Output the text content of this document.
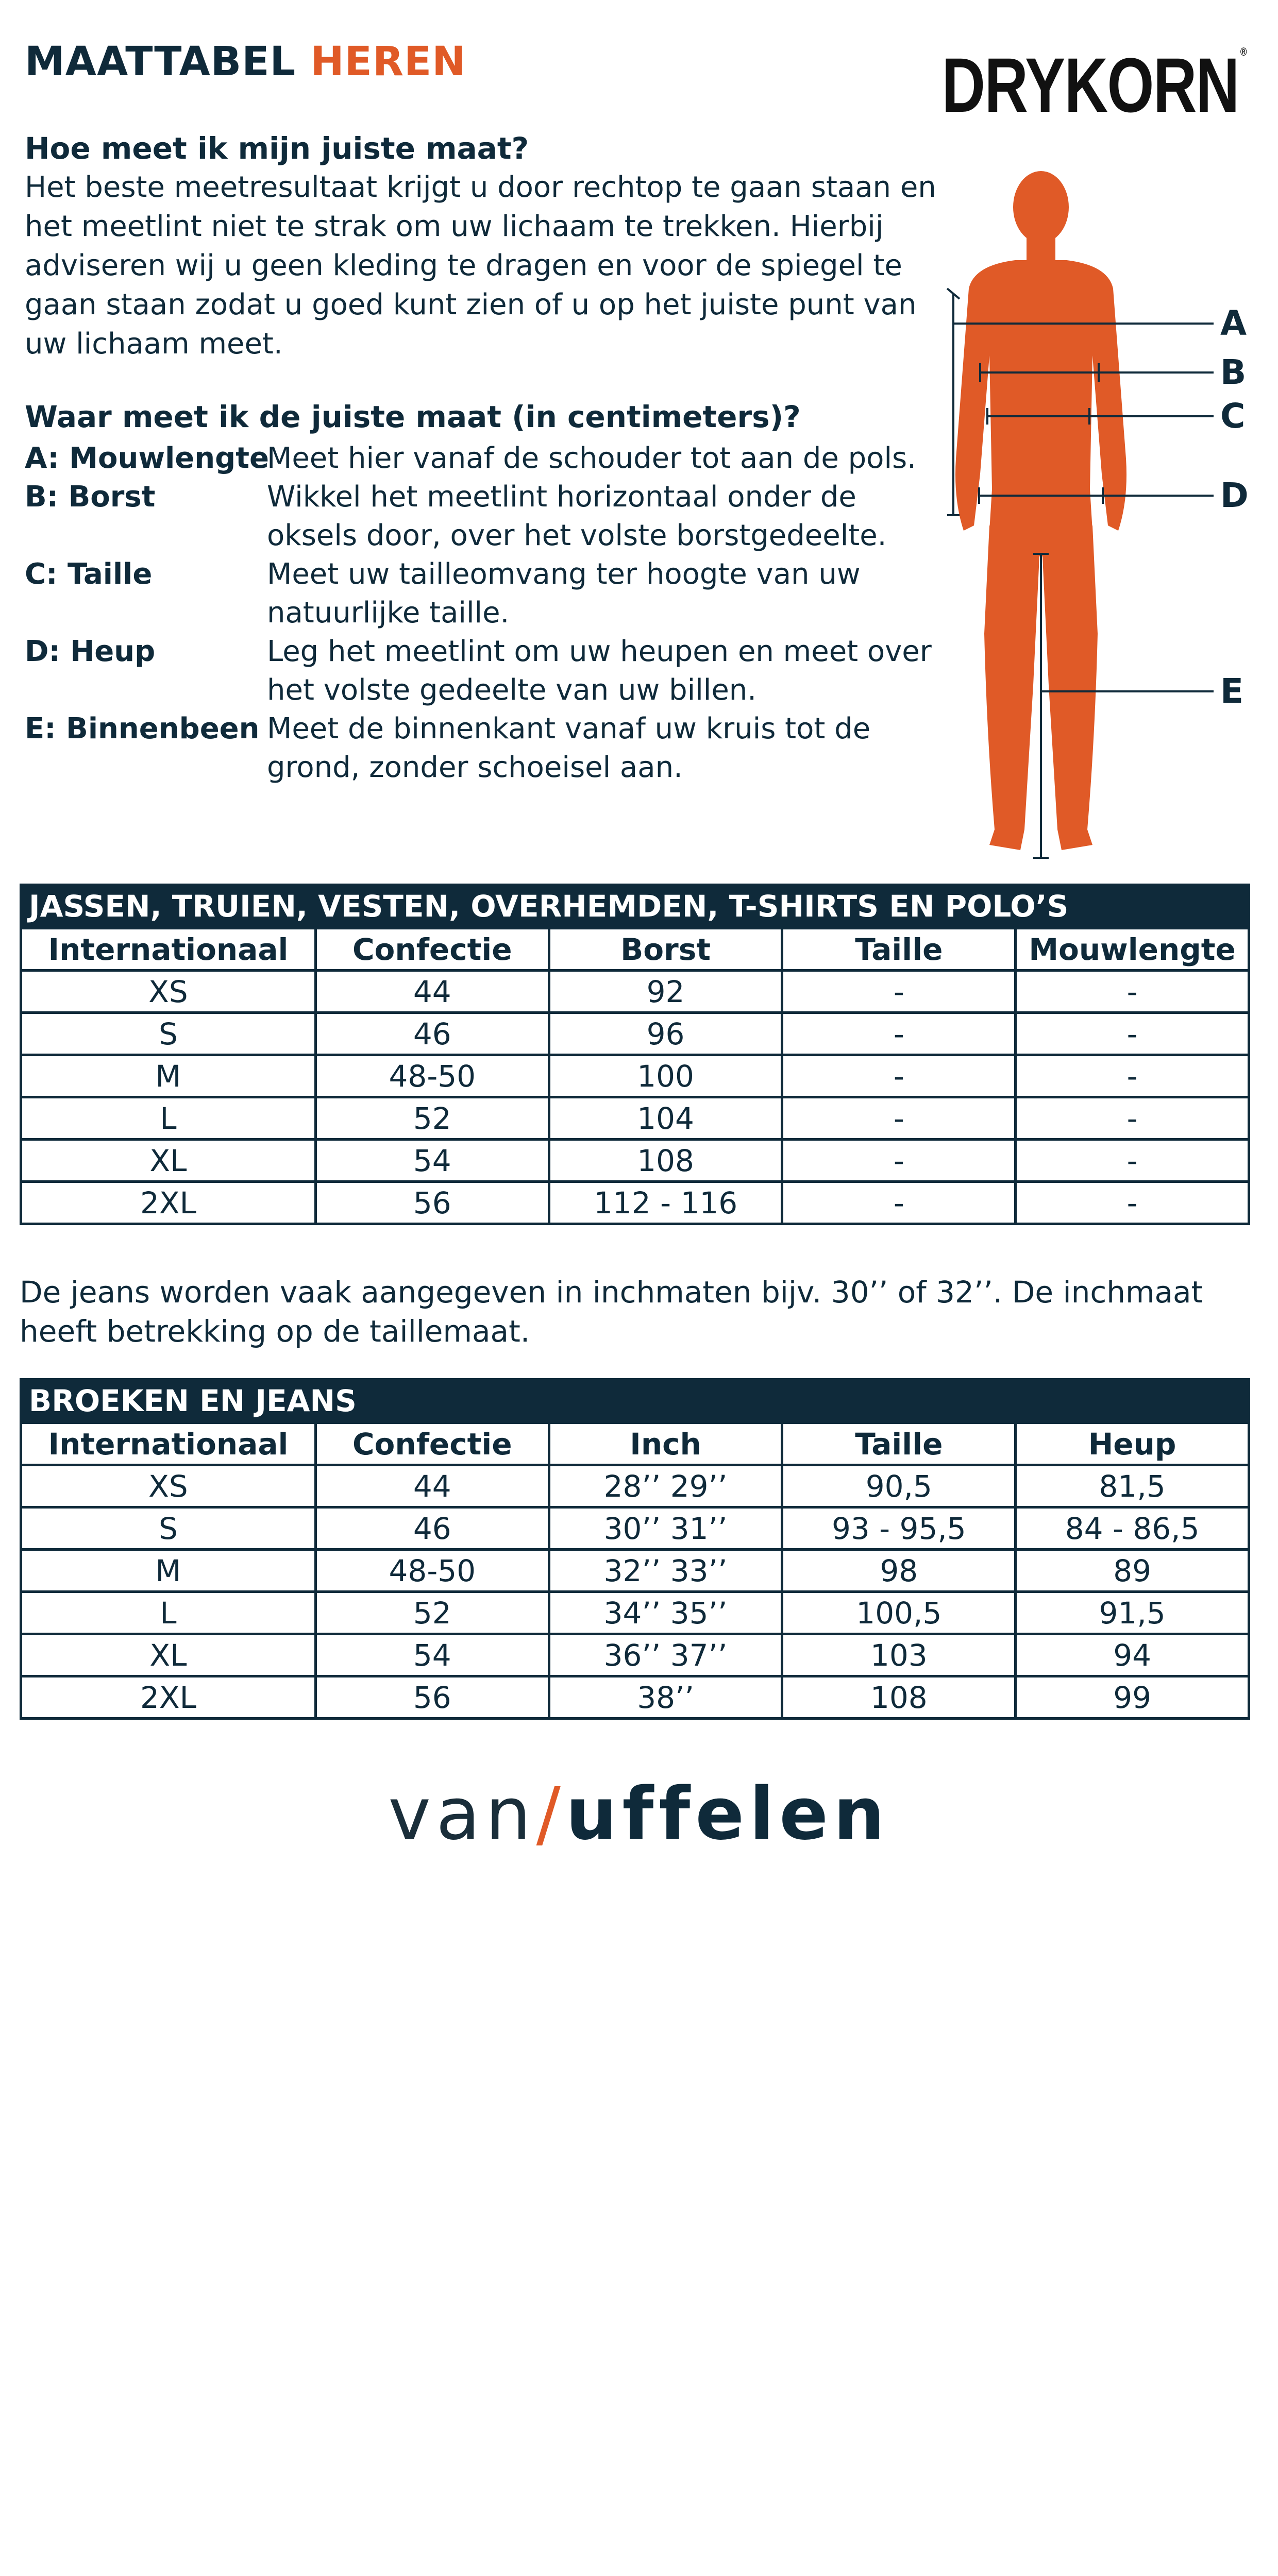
MAATTABEL HEREN	DRYKORN ®
Hoe meet ik mijn juiste maat?

Het beste meetresultaat krijgt u door rechtop te gaan staan en het meetlint niet te strak om uw lichaam te trekken. Hierbij adviseren wij u geen kleding te dragen en voor de spiegel te gaan staan zodat u goed kunt zien of u op het juiste punt van uw lichaam meet.

Waar meet ik de juiste maat (in centimeters)?
A: Mouwlengte
Meet hier vanaf de schouder tot aan de pols.
B: Borst	Wikkel het meetlint horizontaal onder de oksels door, over het volste borstgedeelte.
C: Taille	Meet uw tailleomvang ter hoogte van uw natuurlijke taille.
D: Heup	Leg het meetlint om uw heupen en meet over het volste gedeelte van uw billen.
E: Binnenbeen Meet de binnenkant vanaf uw kruis tot de grond, zonder schoeisel aan.
A
B
C
D
E
JASSEN, TRUIEN, VESTEN, OVERHEMDEN, T-SHIRTS EN POLO’S
Internationaal	Confectie	Borst	Taille	Mouwlengte
XS	44	92	-	-
S	46	96	-	-
M	48-50	100	-	-
L	52	104	-	-
XL	54	108	-	-
2XL	56	112 - 116	-	-
De jeans worden vaak aangegeven in inchmaten bijv. 30’’ of 32’’. De inchmaat heeft betrekking op de taillemaat.
BROEKEN EN JEANS
Internationaal	Confectie	Inch	Taille	Heup
XS	44	28’’ 29’’	90,5	81,5
S	46	30’’ 31’’	93 - 95,5	84 - 86,5
M	48-50	32’’ 33’’	98	89
L	52	34’’ 35’’	100,5	91,5
XL	54	36’’ 37’’	103	94
2XL	56	38’’	108	99
van/uffelen
